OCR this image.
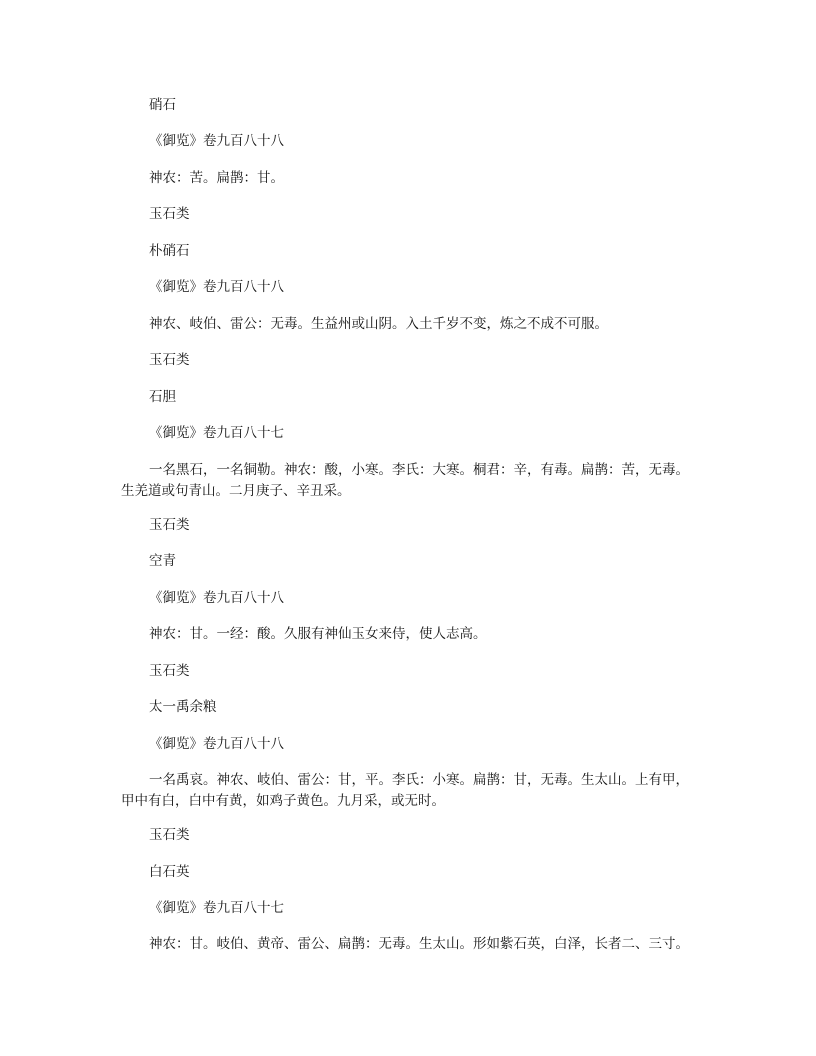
硝石
《御览》卷九百八十八
神农：苦。扁鹊：甘。
玉石类
朴硝石
《御览》卷九百八十八
神农、岐伯、雷公：无毒。生益州或山阴。入土千岁不变，炼之不成不可服。
玉石类
石胆
《御览》卷九百八十七
一名黑石，一名铜勒。神农：酸，小寒。李氏：大寒。桐君：辛，有毒。扁鹊：苦，无毒。
生羌道或句青山。二月庚子、辛丑采。
玉石类
空青
《御览》卷九百八十八
神农：甘。一经：酸。久服有神仙玉女来侍，使人志高。
玉石类
太一禹余粮
《御览》卷九百八十八
一名禹哀。神农、岐伯、雷公：甘，平。李氏：小寒。扁鹊：甘，无毒。生太山。上有甲，
甲中有白，白中有黄，如鸡子黄色。九月采，或无时。
玉石类
白石英
《御览》卷九百八十七
神农：甘。岐伯、黄帝、雷公、扁鹊：无毒。生太山。形如紫石英，白泽，长者二、三寸。
